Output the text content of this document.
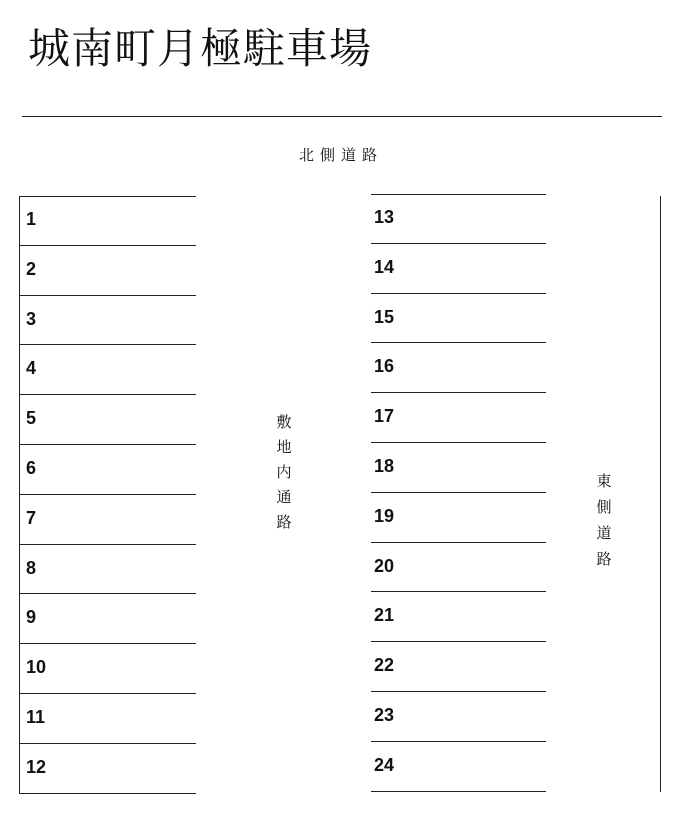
城南町月極駐車場
北側道路
1
2
3
4
5
6
7
8
9
10
11
12
13
14
15
16
17
18
19
20
21
22
23
24
敷
地
内
通
路
東
側
道
路
